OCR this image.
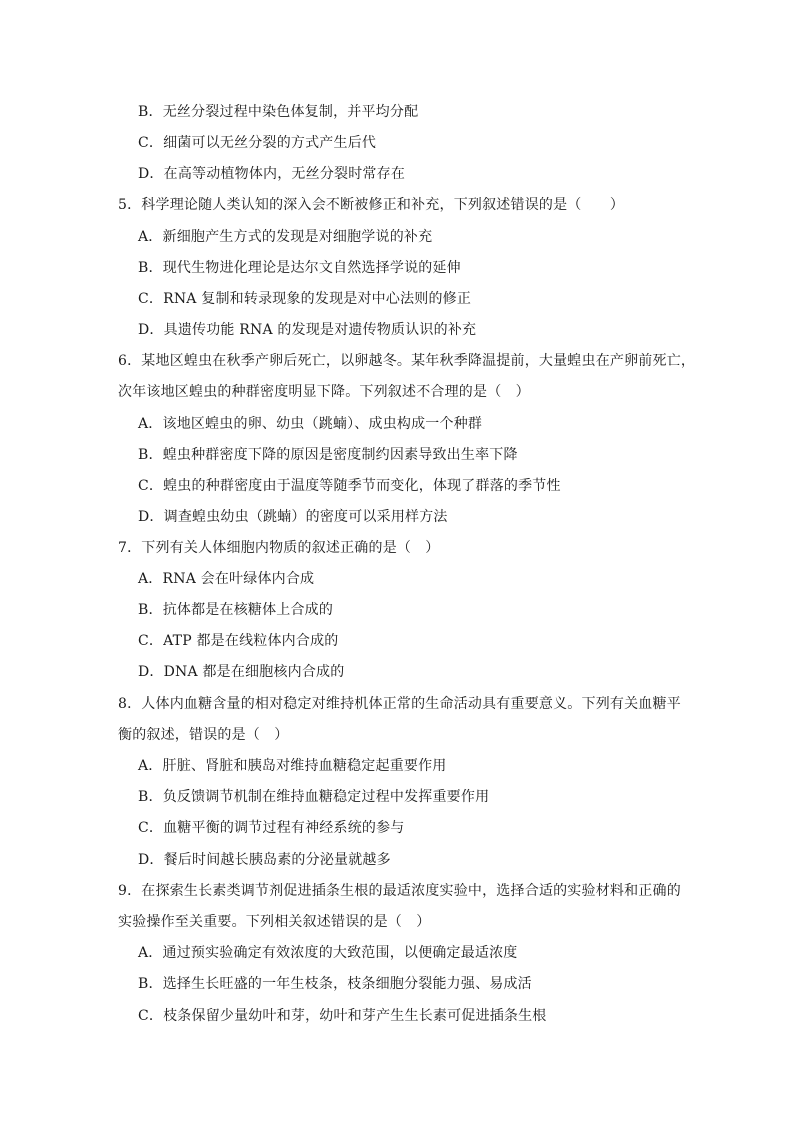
B．无丝分裂过程中染色体复制，并平均分配
C．细菌可以无丝分裂的方式产生后代
D．在高等动植物体内，无丝分裂时常存在
5．科学理论随人类认知的深入会不断被修正和补充，下列叙述错误的是（　　）
A．新细胞产生方式的发现是对细胞学说的补充
B．现代生物进化理论是达尔文自然选择学说的延伸
C．RNA 复制和转录现象的发现是对中心法则的修正
D．具遗传功能 RNA 的发现是对遗传物质认识的补充
6．某地区蝗虫在秋季产卵后死亡，以卵越冬。某年秋季降温提前，大量蝗虫在产卵前死亡，
次年该地区蝗虫的种群密度明显下降。下列叙述不合理的是（　）
A．该地区蝗虫的卵、幼虫（跳蝻）、成虫构成一个种群
B．蝗虫种群密度下降的原因是密度制约因素导致出生率下降
C．蝗虫的种群密度由于温度等随季节而变化，体现了群落的季节性
D．调查蝗虫幼虫（跳蝻）的密度可以采用样方法
7．下列有关人体细胞内物质的叙述正确的是（　）
A．RNA 会在叶绿体内合成
B．抗体都是在核糖体上合成的
C．ATP 都是在线粒体内合成的
D．DNA 都是在细胞核内合成的
8．人体内血糖含量的相对稳定对维持机体正常的生命活动具有重要意义。下列有关血糖平
衡的叙述，错误的是（　）
A．肝脏、肾脏和胰岛对维持血糖稳定起重要作用
B．负反馈调节机制在维持血糖稳定过程中发挥重要作用
C．血糖平衡的调节过程有神经系统的参与
D．餐后时间越长胰岛素的分泌量就越多
9．在探索生长素类调节剂促进插条生根的最适浓度实验中，选择合适的实验材料和正确的
实验操作至关重要。下列相关叙述错误的是（　）
A．通过预实验确定有效浓度的大致范围，以便确定最适浓度
B．选择生长旺盛的一年生枝条，枝条细胞分裂能力强、易成活
C．枝条保留少量幼叶和芽，幼叶和芽产生生长素可促进插条生根
